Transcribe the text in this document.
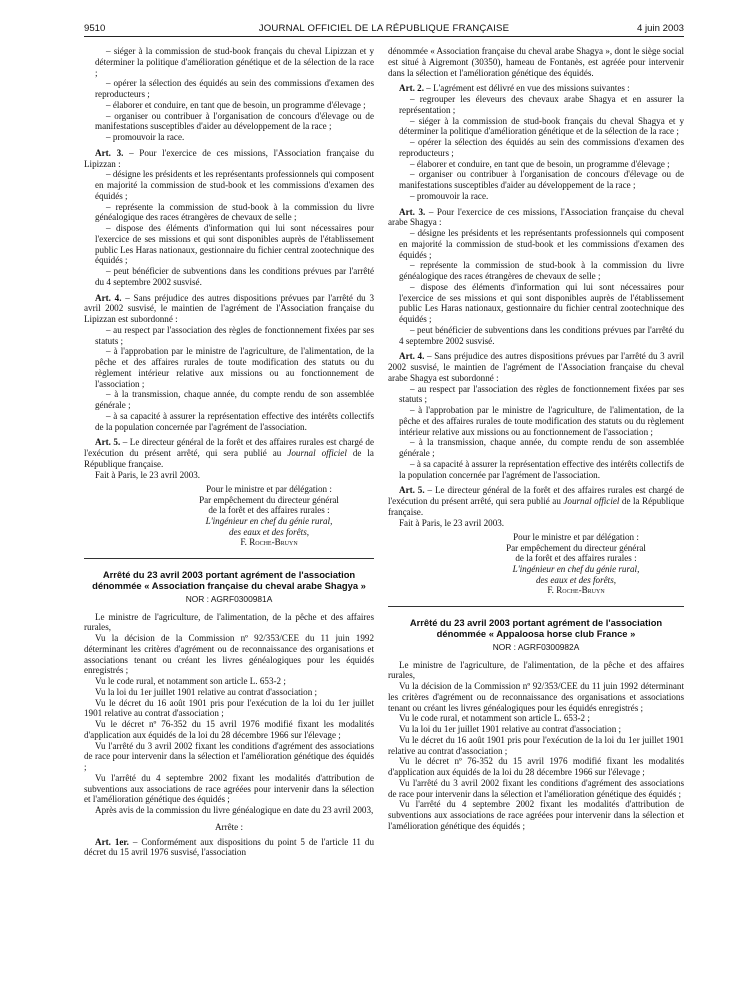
9510	JOURNAL OFFICIEL DE LA RÉPUBLIQUE FRANÇAISE	4 juin 2003

– siéger à la commission de stud-book français du cheval Lipizzan et y déterminer la politique d'amélioration génétique et de la sélection de la race ;

– opérer la sélection des équidés au sein des commissions d'examen des reproducteurs ;

– élaborer et conduire, en tant que de besoin, un programme d'élevage ;

– organiser ou contribuer à l'organisation de concours d'élevage ou de manifestations susceptibles d'aider au développement de la race ;

– promouvoir la race.

Art. 3. – Pour l'exercice de ces missions, l'Association française du Lipizzan :

– désigne les présidents et les représentants professionnels qui composent en majorité la commission de stud-book et les commissions d'examen des équidés ;

– représente la commission de stud-book à la commission du livre généalogique des races étrangères de chevaux de selle ;

– dispose des éléments d'information qui lui sont nécessaires pour l'exercice de ses missions et qui sont disponibles auprès de l'établissement public Les Haras nationaux, gestionnaire du fichier central zootechnique des équidés ;

– peut bénéficier de subventions dans les conditions prévues par l'arrêté du 4 septembre 2002 susvisé.

Art. 4. – Sans préjudice des autres dispositions prévues par l'arrêté du 3 avril 2002 susvisé, le maintien de l'agrément de l'Association française du Lipizzan est subordonné :

– au respect par l'association des règles de fonctionnement fixées par ses statuts ;

– à l'approbation par le ministre de l'agriculture, de l'alimentation, de la pêche et des affaires rurales de toute modification des statuts ou du règlement intérieur relative aux missions ou au fonctionnement de l'association ;

– à la transmission, chaque année, du compte rendu de son assemblée générale ;

– à sa capacité à assurer la représentation effective des intérêts collectifs de la population concernée par l'agrément de l'association.

Art. 5. – Le directeur général de la forêt et des affaires rurales est chargé de l'exécution du présent arrêté, qui sera publié au Journal officiel de la République française.

Fait à Paris, le 23 avril 2003.

Pour le ministre et par délégation :
Par empêchement du directeur général
de la forêt et des affaires rurales :
L'ingénieur en chef du génie rural,
des eaux et des forêts,
F. Roche-Bruyn
Arrêté du 23 avril 2003 portant agrément de l'association dénommée « Association française du cheval arabe Shagya »
NOR : AGRF0300981A

Le ministre de l'agriculture, de l'alimentation, de la pêche et des affaires rurales,

Vu la décision de la Commission nº 92/353/CEE du 11 juin 1992 déterminant les critères d'agrément ou de reconnaissance des organisations et associations tenant ou créant les livres généalogiques pour les équidés enregistrés ;

Vu le code rural, et notamment son article L. 653-2 ;

Vu la loi du 1er juillet 1901 relative au contrat d'association ;

Vu le décret du 16 août 1901 pris pour l'exécution de la loi du 1er juillet 1901 relative au contrat d'association ;

Vu le décret nº 76-352 du 15 avril 1976 modifié fixant les modalités d'application aux équidés de la loi du 28 décembre 1966 sur l'élevage ;

Vu l'arrêté du 3 avril 2002 fixant les conditions d'agrément des associations de race pour intervenir dans la sélection et l'amélioration génétique des équidés ;

Vu l'arrêté du 4 septembre 2002 fixant les modalités d'attribution de subventions aux associations de race agréées pour intervenir dans la sélection et l'amélioration génétique des équidés ;

Après avis de la commission du livre généalogique en date du 23 avril 2003,

Arrête :

Art. 1er. – Conformément aux dispositions du point 5 de l'article 11 du décret du 15 avril 1976 susvisé, l'association

dénommée « Association française du cheval arabe Shagya », dont le siège social est situé à Aigremont (30350), hameau de Fontanès, est agréée pour intervenir dans la sélection et l'amélioration génétique des équidés.

Art. 2. – L'agrément est délivré en vue des missions suivantes :

– regrouper les éleveurs des chevaux arabe Shagya et en assurer la représentation ;

– siéger à la commission de stud-book français du cheval Shagya et y déterminer la politique d'amélioration génétique et de la sélection de la race ;

– opérer la sélection des équidés au sein des commissions d'examen des reproducteurs ;

– élaborer et conduire, en tant que de besoin, un programme d'élevage ;

– organiser ou contribuer à l'organisation de concours d'élevage ou de manifestations susceptibles d'aider au développement de la race ;

– promouvoir la race.

Art. 3. – Pour l'exercice de ces missions, l'Association française du cheval arabe Shagya :

– désigne les présidents et les représentants professionnels qui composent en majorité la commission de stud-book et les commissions d'examen des équidés ;

– représente la commission de stud-book à la commission du livre généalogique des races étrangères de chevaux de selle ;

– dispose des éléments d'information qui lui sont nécessaires pour l'exercice de ses missions et qui sont disponibles auprès de l'établissement public Les Haras nationaux, gestionnaire du fichier central zootechnique des équidés ;

– peut bénéficier de subventions dans les conditions prévues par l'arrêté du 4 septembre 2002 susvisé.

Art. 4. – Sans préjudice des autres dispositions prévues par l'arrêté du 3 avril 2002 susvisé, le maintien de l'agrément de l'Association française du cheval arabe Shagya est subordonné :

– au respect par l'association des règles de fonctionnement fixées par ses statuts ;

– à l'approbation par le ministre de l'agriculture, de l'alimentation, de la pêche et des affaires rurales de toute modification des statuts ou du règlement intérieur relative aux missions ou au fonctionnement de l'association ;

– à la transmission, chaque année, du compte rendu de son assemblée générale ;

– à sa capacité à assurer la représentation effective des intérêts collectifs de la population concernée par l'agrément de l'association.

Art. 5. – Le directeur général de la forêt et des affaires rurales est chargé de l'exécution du présent arrêté, qui sera publié au Journal officiel de la République française.

Fait à Paris, le 23 avril 2003.

Pour le ministre et par délégation :
Par empêchement du directeur général
de la forêt et des affaires rurales :
L'ingénieur en chef du génie rural,
des eaux et des forêts,
F. Roche-Bruyn
Arrêté du 23 avril 2003 portant agrément de l'association dénommée « Appaloosa horse club France »
NOR : AGRF0300982A

Le ministre de l'agriculture, de l'alimentation, de la pêche et des affaires rurales,

Vu la décision de la Commission nº 92/353/CEE du 11 juin 1992 déterminant les critères d'agrément ou de reconnaissance des organisations et associations tenant ou créant les livres généalogiques pour les équidés enregistrés ;

Vu le code rural, et notamment son article L. 653-2 ;

Vu la loi du 1er juillet 1901 relative au contrat d'association ;

Vu le décret du 16 août 1901 pris pour l'exécution de la loi du 1er juillet 1901 relative au contrat d'association ;

Vu le décret nº 76-352 du 15 avril 1976 modifié fixant les modalités d'application aux équidés de la loi du 28 décembre 1966 sur l'élevage ;

Vu l'arrêté du 3 avril 2002 fixant les conditions d'agrément des associations de race pour intervenir dans la sélection et l'amélioration génétique des équidés ;

Vu l'arrêté du 4 septembre 2002 fixant les modalités d'attribution de subventions aux associations de race agréées pour intervenir dans la sélection et l'amélioration génétique des équidés ;
